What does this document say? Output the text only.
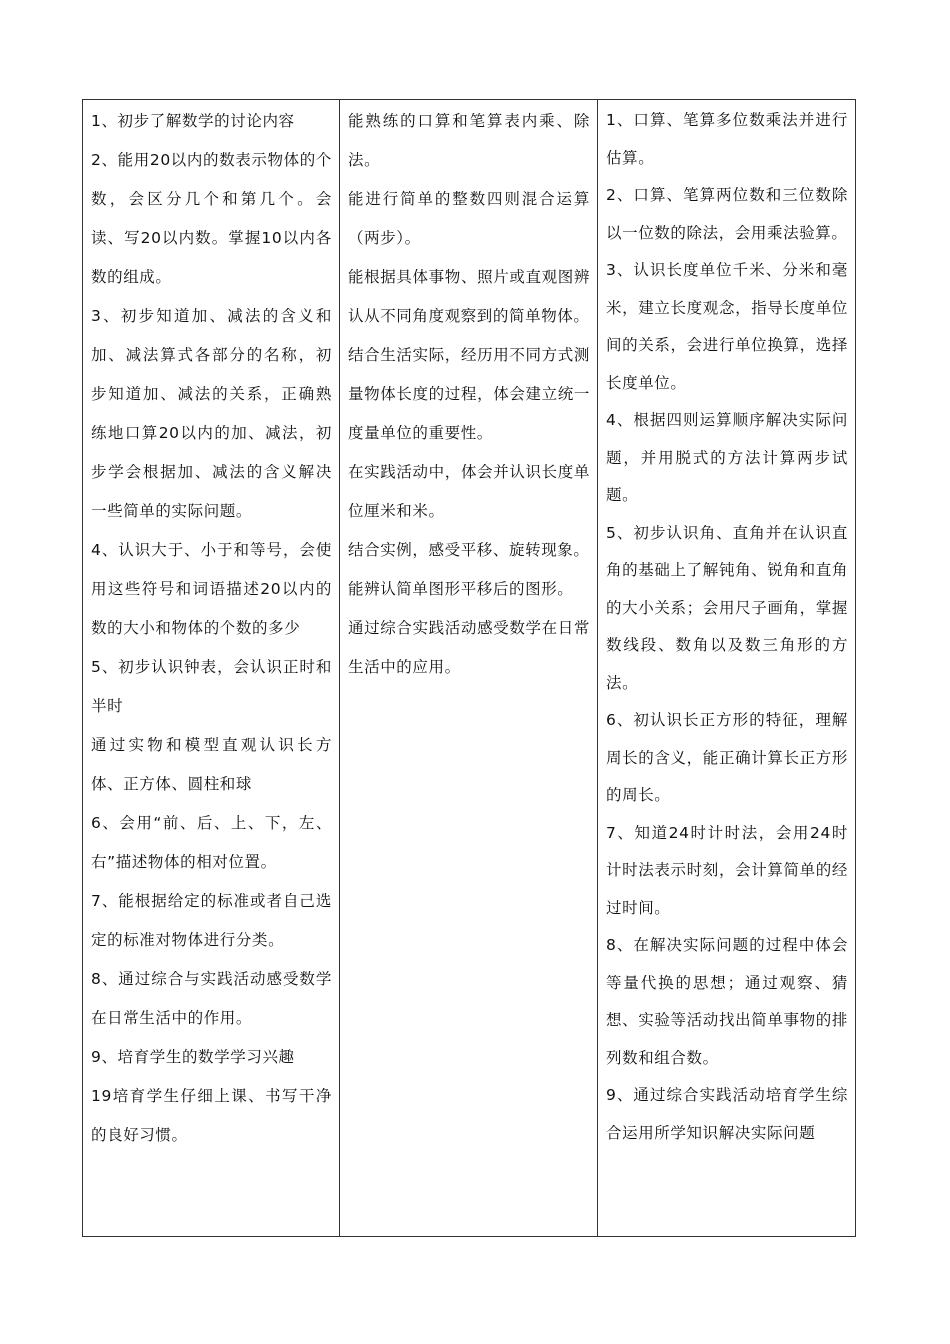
1、初步了解数学的讨论内容
2、能用20以内的数表示物体的个数，会区分几个和第几个。会读、写20以内数。掌握10以内各数的组成。
3、初步知道加、减法的含义和加、减法算式各部分的名称，初步知道加、减法的关系，正确熟练地口算20以内的加、减法，初步学会根据加、减法的含义解决一些简单的实际问题。
4、认识大于、小于和等号，会使用这些符号和词语描述20以内的数的大小和物体的个数的多少
5、初步认识钟表，会认识正时和半时
通过实物和模型直观认识长方体、正方体、圆柱和球
6、会用“前、后、上、下，左、右”描述物体的相对位置。
7、能根据给定的标准或者自己选定的标准对物体进行分类。
8、通过综合与实践活动感受数学在日常生活中的作用。
9、培育学生的数学学习兴趣
19培育学生仔细上课、书写干净的良好习惯。

能熟练的口算和笔算表内乘、除法。
能进行简单的整数四则混合运算（两步）。
能根据具体事物、照片或直观图辨认从不同角度观察到的简单物体。
结合生活实际，经历用不同方式测量物体长度的过程，体会建立统一度量单位的重要性。
在实践活动中，体会并认识长度单位厘米和米。
结合实例，感受平移、旋转现象。
能辨认简单图形平移后的图形。
通过综合实践活动感受数学在日常生活中的应用。

1、口算、笔算多位数乘法并进行估算。
2、口算、笔算两位数和三位数除以一位数的除法，会用乘法验算。
3、认识长度单位千米、分米和毫米，建立长度观念，指导长度单位间的关系，会进行单位换算，选择长度单位。
4、根据四则运算顺序解决实际问题，并用脱式的方法计算两步试题。
5、初步认识角、直角并在认识直角的基础上了解钝角、锐角和直角的大小关系；会用尺子画角，掌握数线段、数角以及数三角形的方法。
6、初认识长正方形的特征，理解周长的含义，能正确计算长正方形的周长。
7、知道24时计时法，会用24时计时法表示时刻，会计算简单的经过时间。
8、在解决实际问题的过程中体会等量代换的思想；通过观察、猜想、实验等活动找出简单事物的排列数和组合数。
9、通过综合实践活动培育学生综合运用所学知识解决实际问题
